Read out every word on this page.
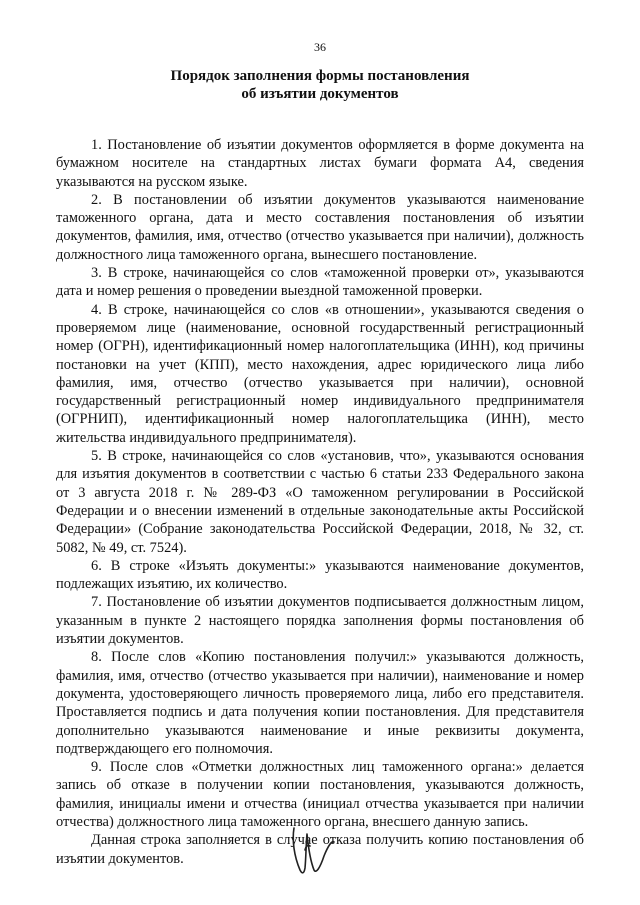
36
Порядок заполнения формы постановления
об изъятии документов

1. Постановление об изъятии документов оформляется в форме документа на бумажном носителе на стандартных листах бумаги формата А4, сведения указываются на русском языке.

2. В постановлении об изъятии документов указываются наименование таможенного органа, дата и место составления постановления об изъятии документов, фамилия, имя, отчество (отчество указывается при наличии), должность должностного лица таможенного органа, вынесшего постановление.

3. В строке, начинающейся со слов «таможенной проверки от», указываются дата и номер решения о проведении выездной таможенной проверки.

4. В строке, начинающейся со слов «в отношении», указываются сведения о проверяемом лице (наименование, основной государственный регистрационный номер (ОГРН), идентификационный номер налогоплательщика (ИНН), код причины постановки на учет (КПП), место нахождения, адрес юридического лица либо фамилия, имя, отчество (отчество указывается при наличии), основной государственный регистрационный номер индивидуального предпринимателя (ОГРНИП), идентификационный номер налогоплательщика (ИНН), место жительства индивидуального предпринимателя).

5. В строке, начинающейся со слов «установив, что», указываются основания для изъятия документов в соответствии с частью 6 статьи 233 Федерального закона от 3 августа 2018 г. № 289-ФЗ «О таможенном регулировании в Российской Федерации и о внесении изменений в отдельные законодательные акты Российской Федерации» (Собрание законодательства Российской Федерации, 2018, № 32, ст. 5082, № 49, ст. 7524).

6. В строке «Изъять документы:» указываются наименование документов, подлежащих изъятию, их количество.

7. Постановление об изъятии документов подписывается должностным лицом, указанным в пункте 2 настоящего порядка заполнения формы постановления об изъятии документов.

8. После слов «Копию постановления получил:» указываются должность, фамилия, имя, отчество (отчество указывается при наличии), наименование и номер документа, удостоверяющего личность проверяемого лица, либо его представителя. Проставляется подпись и дата получения копии постановления. Для представителя дополнительно указываются наименование и иные реквизиты документа, подтверждающего его полномочия.

9. После слов «Отметки должностных лиц таможенного органа:» делается запись об отказе в получении копии постановления, указываются должность, фамилия, инициалы имени и отчества (инициал отчества указывается при наличии отчества) должностного лица таможенного органа, внесшего данную запись.

Данная строка заполняется в случае отказа получить копию постановления об изъятии документов.
